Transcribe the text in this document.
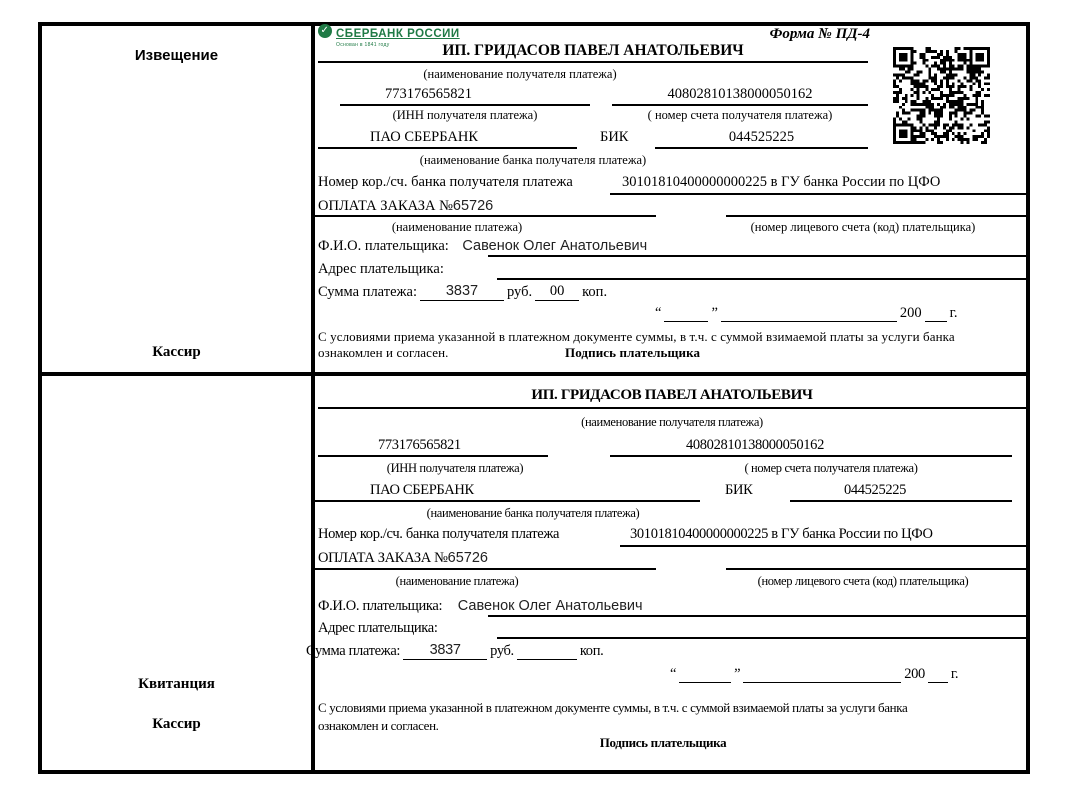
Извещение
Кассир
Квитанция
Кассир
✓
СБЕРБАНК РОССИИ
Основан в 1841 году
Форма № ПД-4
ИП. ГРИДАСОВ ПАВЕЛ АНАТОЛЬЕВИЧ
(наименование получателя платежа)
773176565821	40802810138000050162
(ИНН получателя платежа)	( номер счета получателя платежа)
ПАО СБЕРБАНК	БИК	044525225
(наименование банка получателя платежа)
Номер кор./сч. банка получателя платежа	30101810400000000225 в ГУ банка России по ЦФО
ОПЛАТА ЗАКАЗА №65726
(наименование платежа)	(номер лицевого счета (код) плательщика)
Ф.И.О. плательщика: Савенок Олег Анатольевич
Адрес плательщика:
Сумма платежа: 3837 руб. 00 коп.
“	”	200 г.
С условиями приема указанной в платежном документе суммы, в т.ч. с суммой взимаемой платы за услуги банка
ознакомлен и согласен.	Подпись плательщика
ИП. ГРИДАСОВ ПАВЕЛ АНАТОЛЬЕВИЧ
(наименование получателя платежа)
773176565821	40802810138000050162
(ИНН получателя платежа)	( номер счета получателя платежа)
ПАО СБЕРБАНК	БИК	044525225
(наименование банка получателя платежа)
Номер кор./сч. банка получателя платежа	30101810400000000225 в ГУ банка России по ЦФО
ОПЛАТА ЗАКАЗА №65726
(наименование платежа)	(номер лицевого счета (код) плательщика)
Ф.И.О. плательщика: Савенок Олег Анатольевич
Адрес плательщика:
Сумма платежа: 3837 руб.	коп.
“	”	200 г.
С условиями приема указанной в платежном документе суммы, в т.ч. с суммой взимаемой платы за услуги банка
ознакомлен и согласен.
Подпись плательщика
